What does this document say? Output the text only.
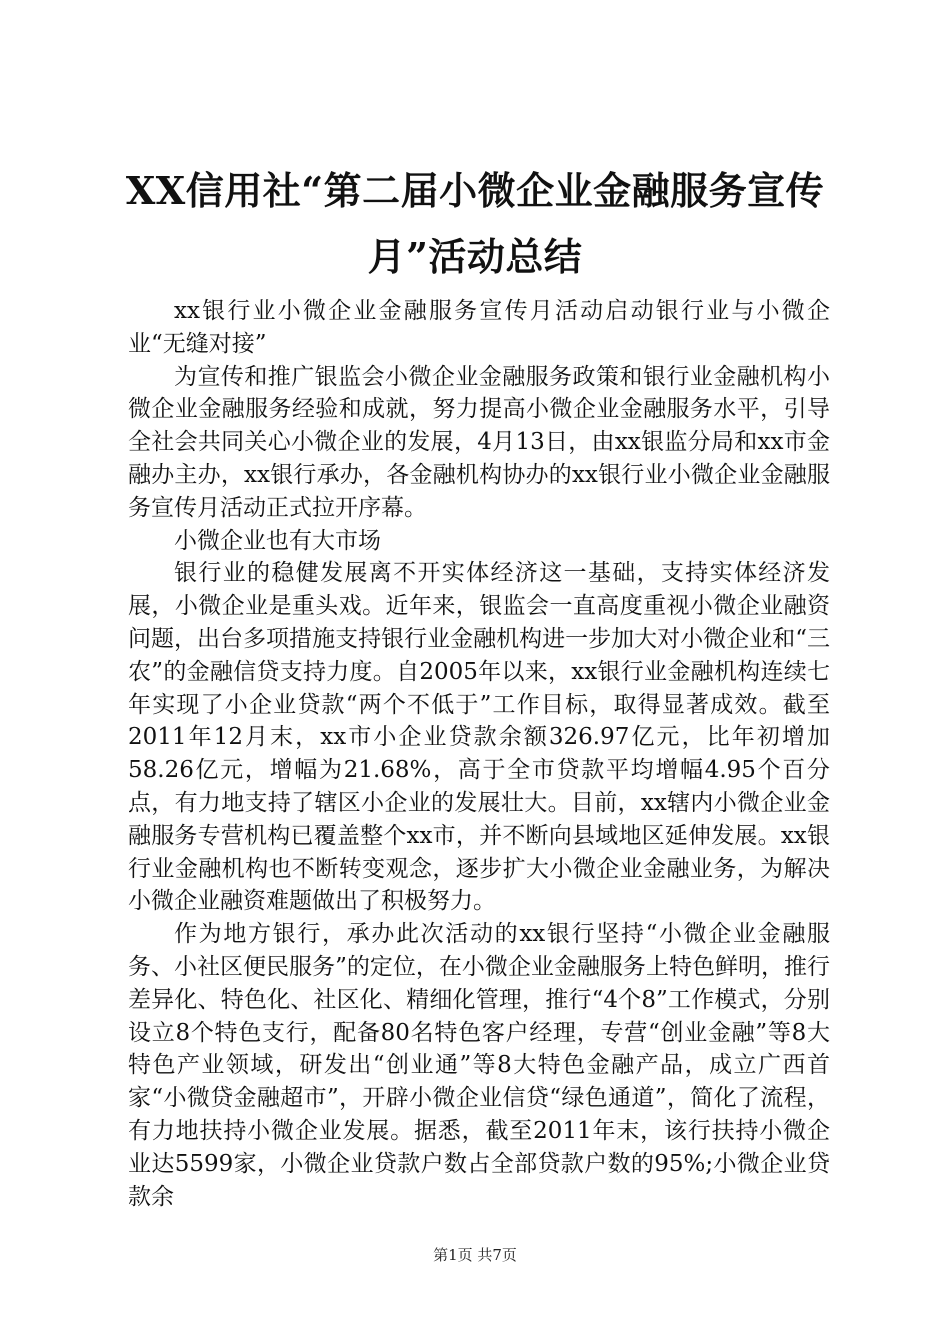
XX信用社“第二届小微企业金融服务宣传月”活动总结

xx银行业小微企业金融服务宣传月活动启动银行业与小微企业“无缝对接”

为宣传和推广银监会小微企业金融服务政策和银行业金融机构小微企业金融服务经验和成就，努力提高小微企业金融服务水平，引导全社会共同关心小微企业的发展，4月13日，由xx银监分局和xx市金融办主办，xx银行承办，各金融机构协办的xx银行业小微企业金融服务宣传月活动正式拉开序幕。

小微企业也有大市场

银行业的稳健发展离不开实体经济这一基础，支持实体经济发展，小微企业是重头戏。近年来，银监会一直高度重视小微企业融资问题，出台多项措施支持银行业金融机构进一步加大对小微企业和“三农”的金融信贷支持力度。自2005年以来，xx银行业金融机构连续七年实现了小企业贷款“两个不低于”工作目标，取得显著成效。截至2011年12月末，xx市小企业贷款余额326.97亿元，比年初增加58.26亿元，增幅为21.68%，高于全市贷款平均增幅4.95个百分点，有力地支持了辖区小企业的发展壮大。目前，xx辖内小微企业金融服务专营机构已覆盖整个xx市，并不断向县域地区延伸发展。xx银行业金融机构也不断转变观念，逐步扩大小微企业金融业务，为解决小微企业融资难题做出了积极努力。

作为地方银行，承办此次活动的xx银行坚持“小微企业金融服务、小社区便民服务”的定位，在小微企业金融服务上特色鲜明，推行差异化、特色化、社区化、精细化管理，推行“4个8”工作模式，分别设立8个特色支行，配备80名特色客户经理，专营“创业金融”等8大特色产业领域，研发出“创业通”等8大特色金融产品，成立广西首家“小微贷金融超市”，开辟小微企业信贷“绿色通道”，简化了流程，有力地扶持小微企业发展。据悉，截至2011年末，该行扶持小微企业达5599家，小微企业贷款户数占全部贷款户数的95%;小微企业贷款余

第1页 共7页
